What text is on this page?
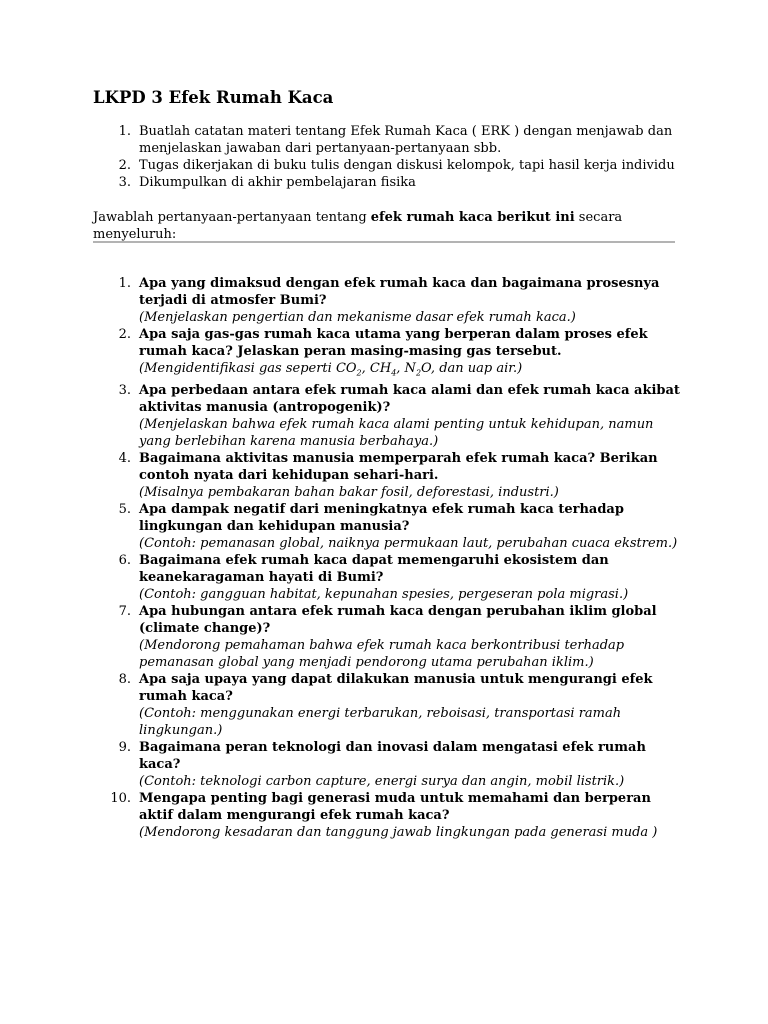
LKPD 3 Efek Rumah Kaca
1. Buatlah catatan materi tentang Efek Rumah Kaca ( ERK ) dengan menjawab dan menjelaskan jawaban dari pertanyaan-pertanyaan sbb.
2. Tugas dikerjakan di buku tulis dengan diskusi kelompok, tapi hasil kerja individu
3. Dikumpulkan di akhir pembelajaran fisika

Jawablah pertanyaan-pertanyaan tentang efek rumah kaca berikut ini secara menyeluruh:

1. Apa yang dimaksud dengan efek rumah kaca dan bagaimana prosesnya terjadi di atmosfer Bumi?
(Menjelaskan pengertian dan mekanisme dasar efek rumah kaca.)
2. Apa saja gas-gas rumah kaca utama yang berperan dalam proses efek rumah kaca? Jelaskan peran masing-masing gas tersebut.
(Mengidentifikasi gas seperti $CO_2$, $CH_4$, $N_2O$, dan uap air.)
3. Apa perbedaan antara efek rumah kaca alami dan efek rumah kaca akibat aktivitas manusia (antropogenik)?
(Menjelaskan bahwa efek rumah kaca alami penting untuk kehidupan, namun yang berlebihan karena manusia berbahaya.)
4. Bagaimana aktivitas manusia memperparah efek rumah kaca? Berikan contoh nyata dari kehidupan sehari-hari.
(Misalnya pembakaran bahan bakar fosil, deforestasi, industri.)
5. Apa dampak negatif dari meningkatnya efek rumah kaca terhadap lingkungan dan kehidupan manusia?
(Contoh: pemanasan global, naiknya permukaan laut, perubahan cuaca ekstrem.)
6. Bagaimana efek rumah kaca dapat memengaruhi ekosistem dan keanekaragaman hayati di Bumi?
(Contoh: gangguan habitat, kepunahan spesies, pergeseran pola migrasi.)
7. Apa hubungan antara efek rumah kaca dengan perubahan iklim global (climate change)?
(Mendorong pemahaman bahwa efek rumah kaca berkontribusi terhadap pemanasan global yang menjadi pendorong utama perubahan iklim.)
8. Apa saja upaya yang dapat dilakukan manusia untuk mengurangi efek rumah kaca?
(Contoh: menggunakan energi terbarukan, reboisasi, transportasi ramah lingkungan.)
9. Bagaimana peran teknologi dan inovasi dalam mengatasi efek rumah kaca?
(Contoh: teknologi carbon capture, energi surya dan angin, mobil listrik.)
10. Mengapa penting bagi generasi muda untuk memahami dan berperan aktif dalam mengurangi efek rumah kaca?
(Mendorong kesadaran dan tanggung jawab lingkungan pada generasi muda )
